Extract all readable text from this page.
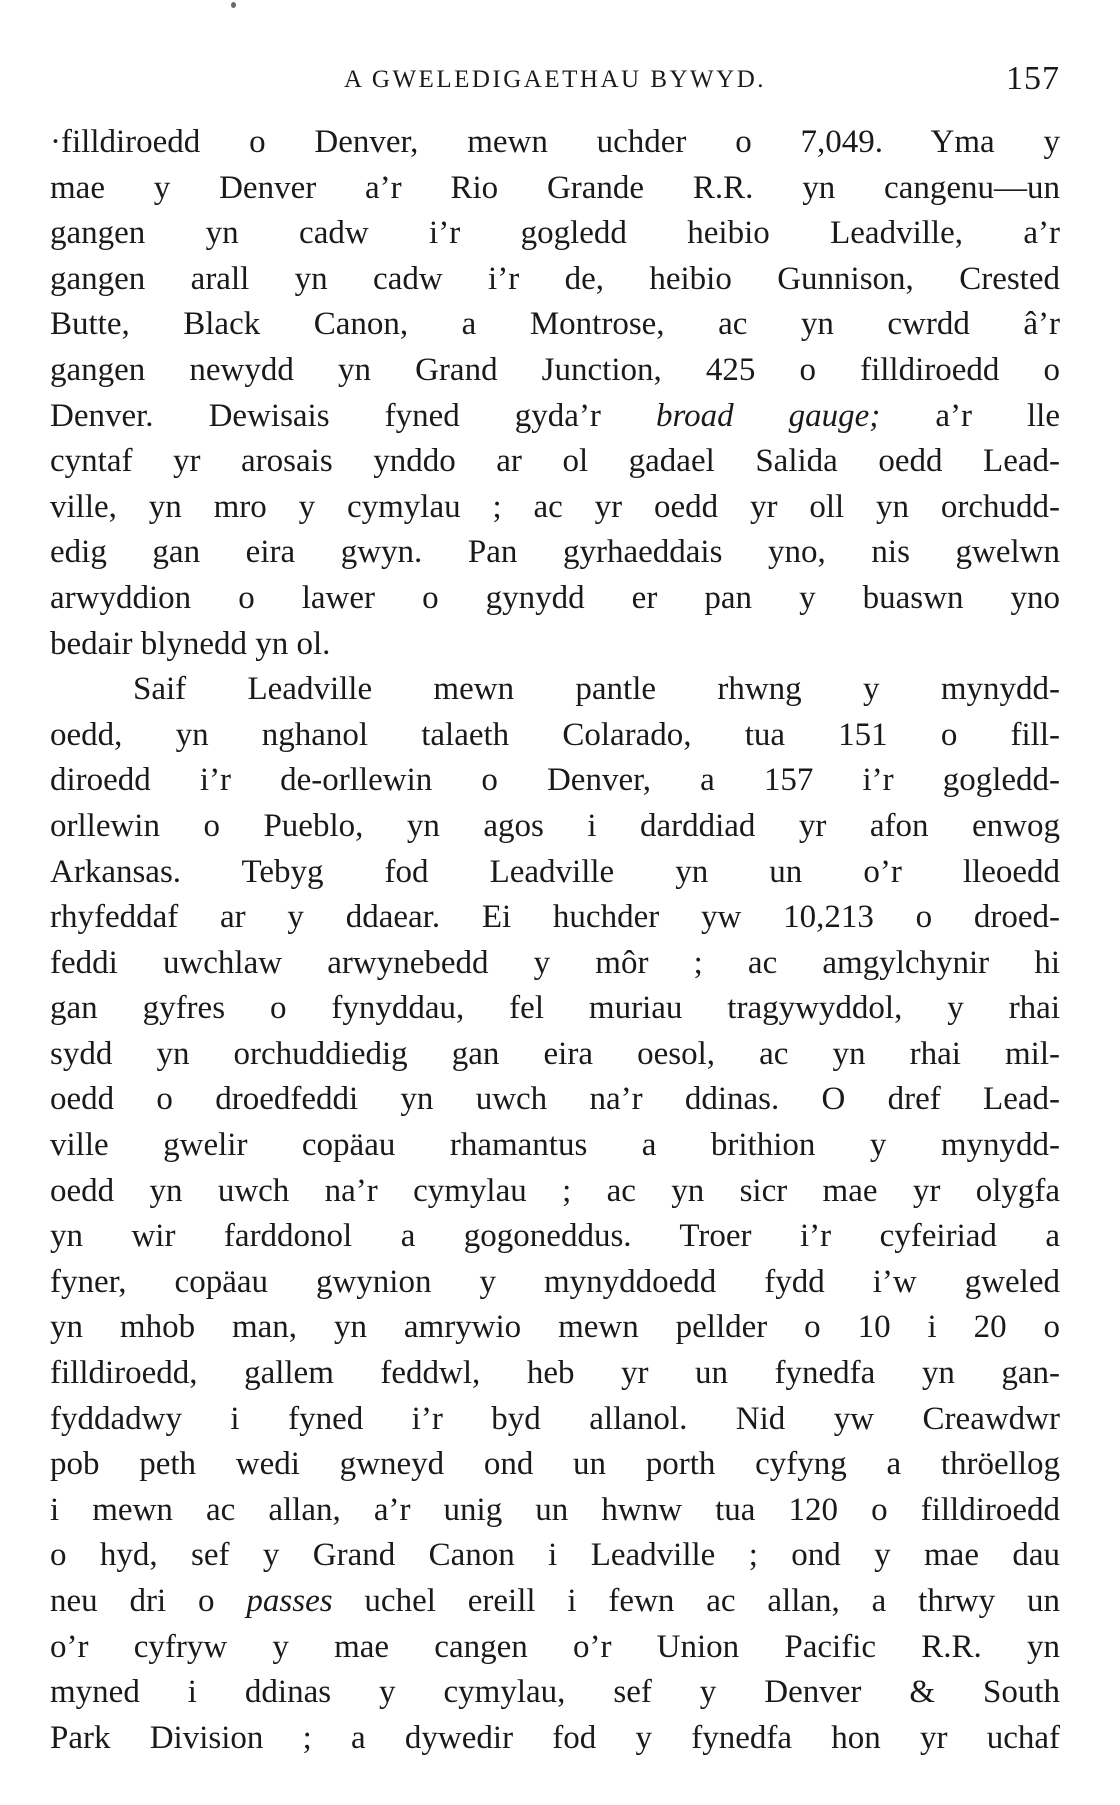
A GWELEDIGAETHAU BYWYD.	157
·filldiroedd o Denver, mewn uchder o 7,049. Yma y
mae y Denver a’r Rio Grande R.R. yn cangenu—un
gangen yn cadw i’r gogledd heibio Leadville, a’r
gangen arall yn cadw i’r de, heibio Gunnison, Crested
Butte, Black Canon, a Montrose, ac yn cwrdd â’r
gangen newydd yn Grand Junction, 425 o filldiroedd o
Denver. Dewisais fyned gyda’r broad gauge; a’r lle
cyntaf yr arosais ynddo ar ol gadael Salida oedd Lead-
ville, yn mro y cymylau ; ac yr oedd yr oll yn orchudd-
edig gan eira gwyn. Pan gyrhaeddais yno, nis gwelwn
arwyddion o lawer o gynydd er pan y buaswn yno
bedair blynedd yn ol.
Saif Leadville mewn pantle rhwng y mynydd-
oedd, yn nghanol talaeth Colarado, tua 151 o fill-
diroedd i’r de-orllewin o Denver, a 157 i’r gogledd-
orllewin o Pueblo, yn agos i darddiad yr afon enwog
Arkansas. Tebyg fod Leadville yn un o’r lleoedd
rhyfeddaf ar y ddaear. Ei huchder yw 10,213 o droed-
feddi uwchlaw arwynebedd y môr ; ac amgylchynir hi
gan gyfres o fynyddau, fel muriau tragywyddol, y rhai
sydd yn orchuddiedig gan eira oesol, ac yn rhai mil-
oedd o droedfeddi yn uwch na’r ddinas. O dref Lead-
ville gwelir copäau rhamantus a brithion y mynydd-
oedd yn uwch na’r cymylau ; ac yn sicr mae yr olygfa
yn wir farddonol a gogoneddus. Troer i’r cyfeiriad a
fyner, copäau gwynion y mynyddoedd fydd i’w gweled
yn mhob man, yn amrywio mewn pellder o 10 i 20 o
filldiroedd, gallem feddwl, heb yr un fynedfa yn gan-
fyddadwy i fyned i’r byd allanol. Nid yw Creawdwr
pob peth wedi gwneyd ond un porth cyfyng a thröellog
i mewn ac allan, a’r unig un hwnw tua 120 o filldiroedd
o hyd, sef y Grand Canon i Leadville ; ond y mae dau
neu dri o passes uchel ereill i fewn ac allan, a thrwy un
o’r cyfryw y mae cangen o’r Union Pacific R.R. yn
myned i ddinas y cymylau, sef y Denver & South
Park Division ; a dywedir fod y fynedfa hon yr uchaf
